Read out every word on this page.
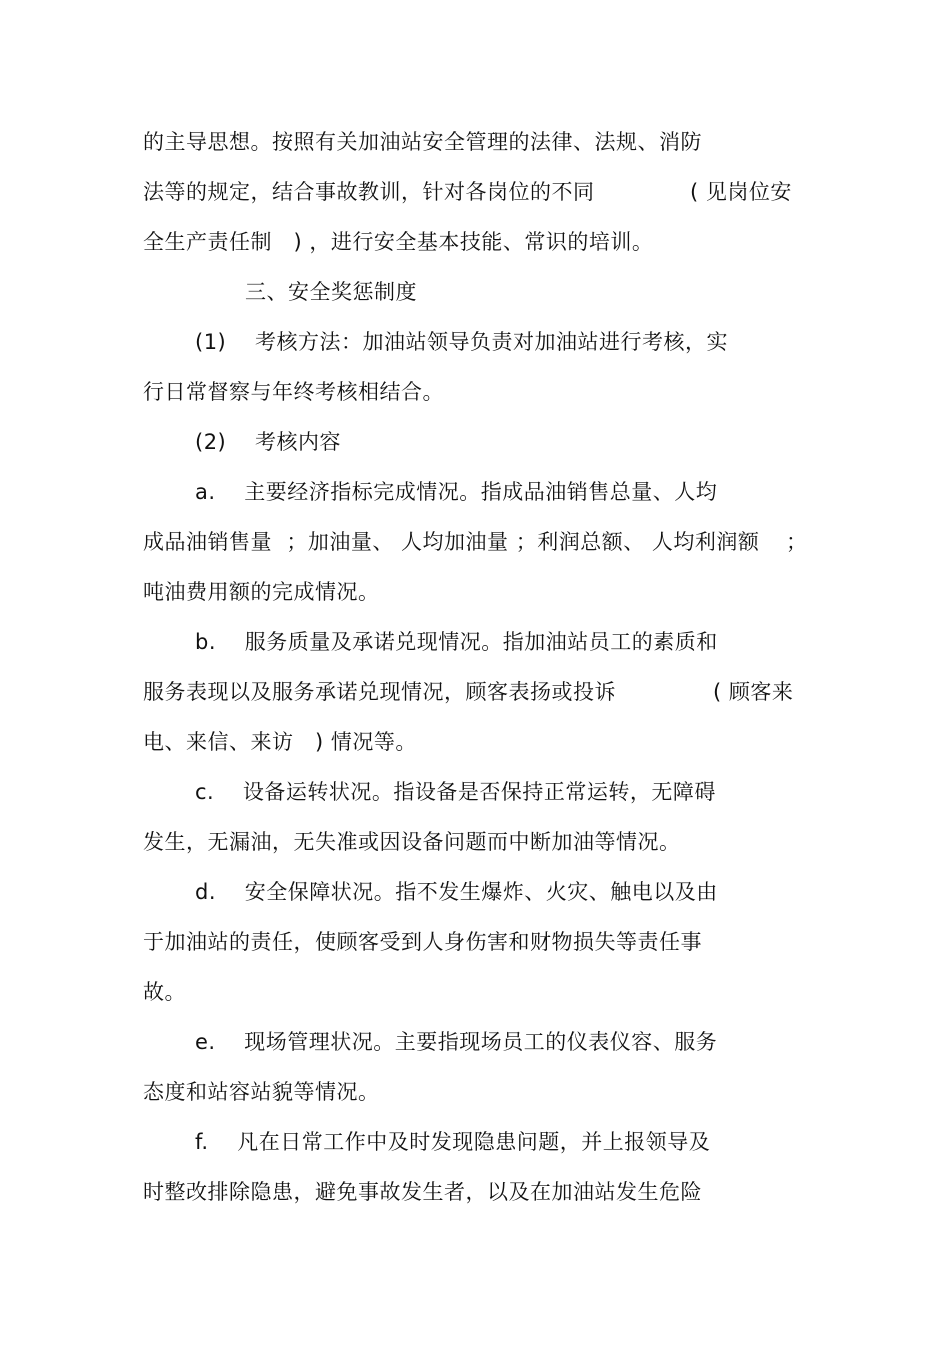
的主导思想。按照有关加油站安全管理的法律、法规、消防
法等的规定，结合事故教训，针对各岗位的不同	( 见岗位安
全生产责任制   ) ，进行安全基本技能、常识的培训。
三、安全奖惩制度
(1)    考核方法：加油站领导负责对加油站进行考核，实
行日常督察与年终考核相结合。
(2)    考核内容
a.    主要经济指标完成情况。指成品油销售总量、人均
成品油销售量  ；加油量、 人均加油量 ；利润总额、 人均利润额 ；
吨油费用额的完成情况。
b.    服务质量及承诺兑现情况。指加油站员工的素质和
服务表现以及服务承诺兑现情况，顾客表扬或投诉	( 顾客来
电、来信、来访   ) 情况等。
c.    设备运转状况。指设备是否保持正常运转，无障碍
发生，无漏油，无失准或因设备问题而中断加油等情况。
d.    安全保障状况。指不发生爆炸、火灾、触电以及由
于加油站的责任，使顾客受到人身伤害和财物损失等责任事
故。
e.    现场管理状况。主要指现场员工的仪表仪容、服务
态度和站容站貌等情况。
f.    凡在日常工作中及时发现隐患问题，并上报领导及
时整改排除隐患，避免事故发生者，以及在加油站发生危险
